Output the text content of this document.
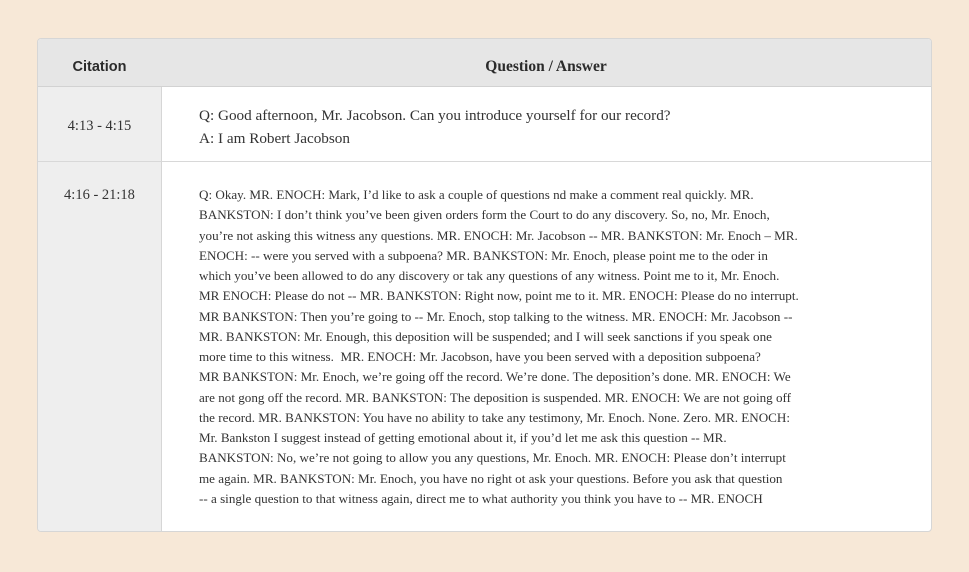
Citation	Question / Answer
4:13 - 4:15
Q: Good afternoon, Mr. Jacobson. Can you introduce yourself for our record?
A: I am Robert Jacobson
4:16 - 21:18	Q: Okay. MR. ENOCH: Mark, I’d like to ask a couple of questions nd make a comment real quickly. MR.
BANKSTON: I don’t think you’ve been given orders form the Court to do any discovery. So, no, Mr. Enoch,
you’re not asking this witness any questions. MR. ENOCH: Mr. Jacobson -- MR. BANKSTON: Mr. Enoch – MR.
ENOCH: -- were you served with a subpoena? MR. BANKSTON: Mr. Enoch, please point me to the oder in
which you’ve been allowed to do any discovery or tak any questions of any witness. Point me to it, Mr. Enoch.
MR ENOCH: Please do not -- MR. BANKSTON: Right now, point me to it. MR. ENOCH: Please do no interrupt.
MR BANKSTON: Then you’re going to -- Mr. Enoch, stop talking to the witness. MR. ENOCH: Mr. Jacobson --
MR. BANKSTON: Mr. Enough, this deposition will be suspended; and I will seek sanctions if you speak one
more time to this witness.  MR. ENOCH: Mr. Jacobson, have you been served with a deposition subpoena?
MR BANKSTON: Mr. Enoch, we’re going off the record. We’re done. The deposition’s done. MR. ENOCH: We
are not gong off the record. MR. BANKSTON: The deposition is suspended. MR. ENOCH: We are not going off
the record. MR. BANKSTON: You have no ability to take any testimony, Mr. Enoch. None. Zero. MR. ENOCH:
Mr. Bankston I suggest instead of getting emotional about it, if you’d let me ask this question -- MR.
BANKSTON: No, we’re not going to allow you any questions, Mr. Enoch. MR. ENOCH: Please don’t interrupt
me again. MR. BANKSTON: Mr. Enoch, you have no right ot ask your questions. Before you ask that question
-- a single question to that witness again, direct me to what authority you think you have to -- MR. ENOCH
